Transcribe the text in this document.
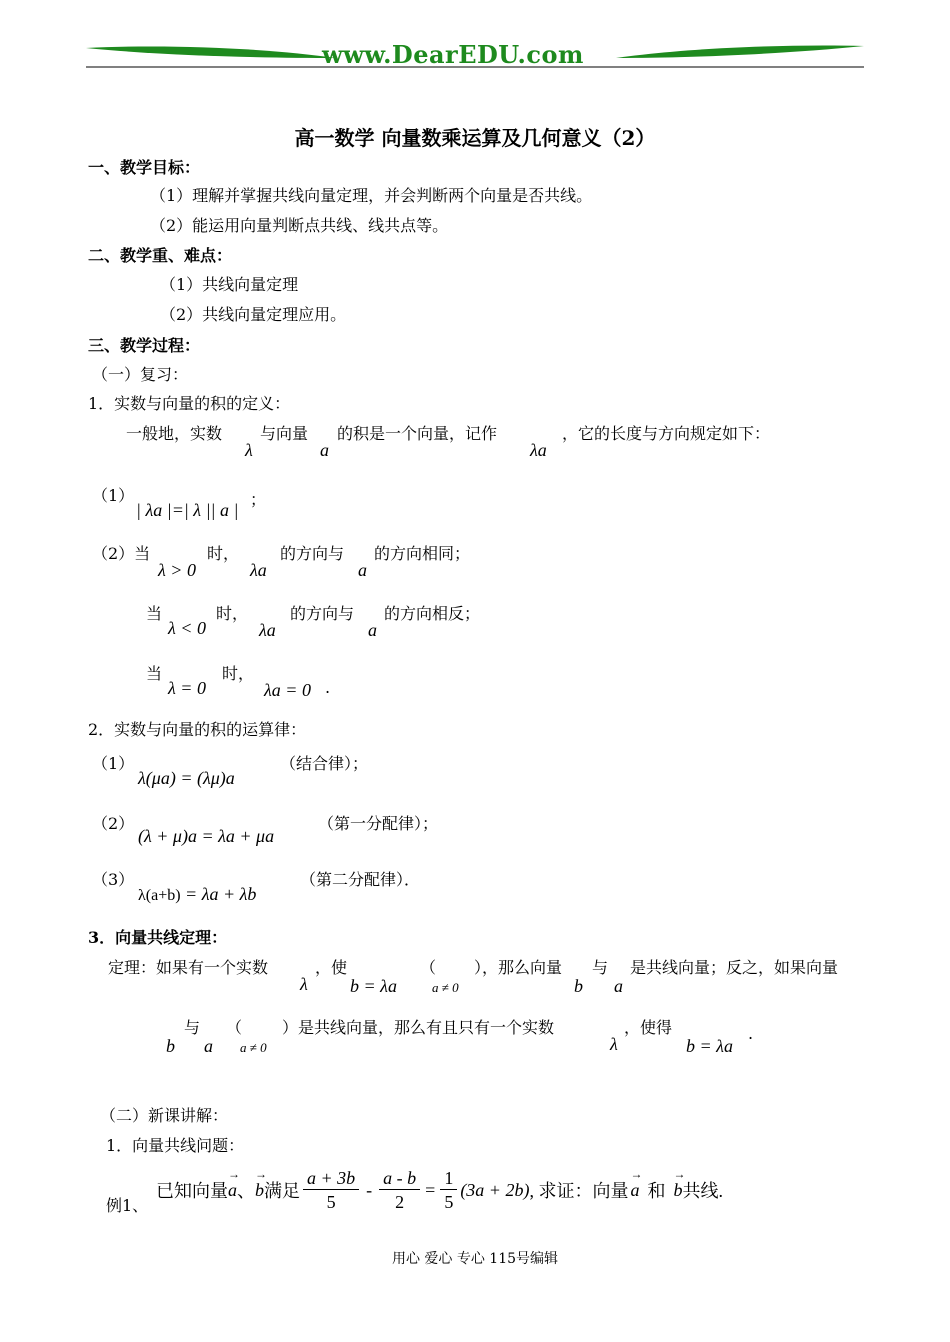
www.DearEDU.com
高一数学 向量数乘运算及几何意义（2）
一、教学目标：
（1）理解并掌握共线向量定理，并会判断两个向量是否共线。
（2）能运用向量判断点共线、线共点等。
二、教学重、难点：
（1）共线向量定理
（2）共线向量定理应用。
三、教学过程：
（一）复习：
1．实数与向量的积的定义：
一般地，实数
λ
与向量
a
的积是一个向量，记作
λa
，它的长度与方向规定如下：
（1）
| λa |=| λ || a |
；
（2）当
λ > 0
时，
λa
的方向与
a
的方向相同；
当
λ < 0
时，
λa
的方向与
a
的方向相反；
当
λ = 0
时，
λa = 0 .
2．实数与向量的积的运算律：
（1）
λ(μa) = (λμ)a
（结合律）；
（2）
(λ + μ)a = λa + μa
（第一分配律）；
（3）
λ(a+b) = λa + λb
（第二分配律）．
3．向量共线定理：
定理：如果有一个实数
λ
，使
b = λa
（
a ≠ 0
），那么向量
b
与
a
是共线向量；反之，如果向量
b
与
a
（
a ≠ 0
）是共线向量，那么有且只有一个实数
λ
，使得
b = λa
.
（二）新课讲解：
1．向量共线问题：
例1、
已知向量 → a 、 → b 满足 $\frac{a + 3b}{5} - \frac{a - b}{2} = \frac{1}{5} (3a + 2b)$ , 求证：向量 → a 和 → b 共线.
用心 爱心 专心 115号编辑
